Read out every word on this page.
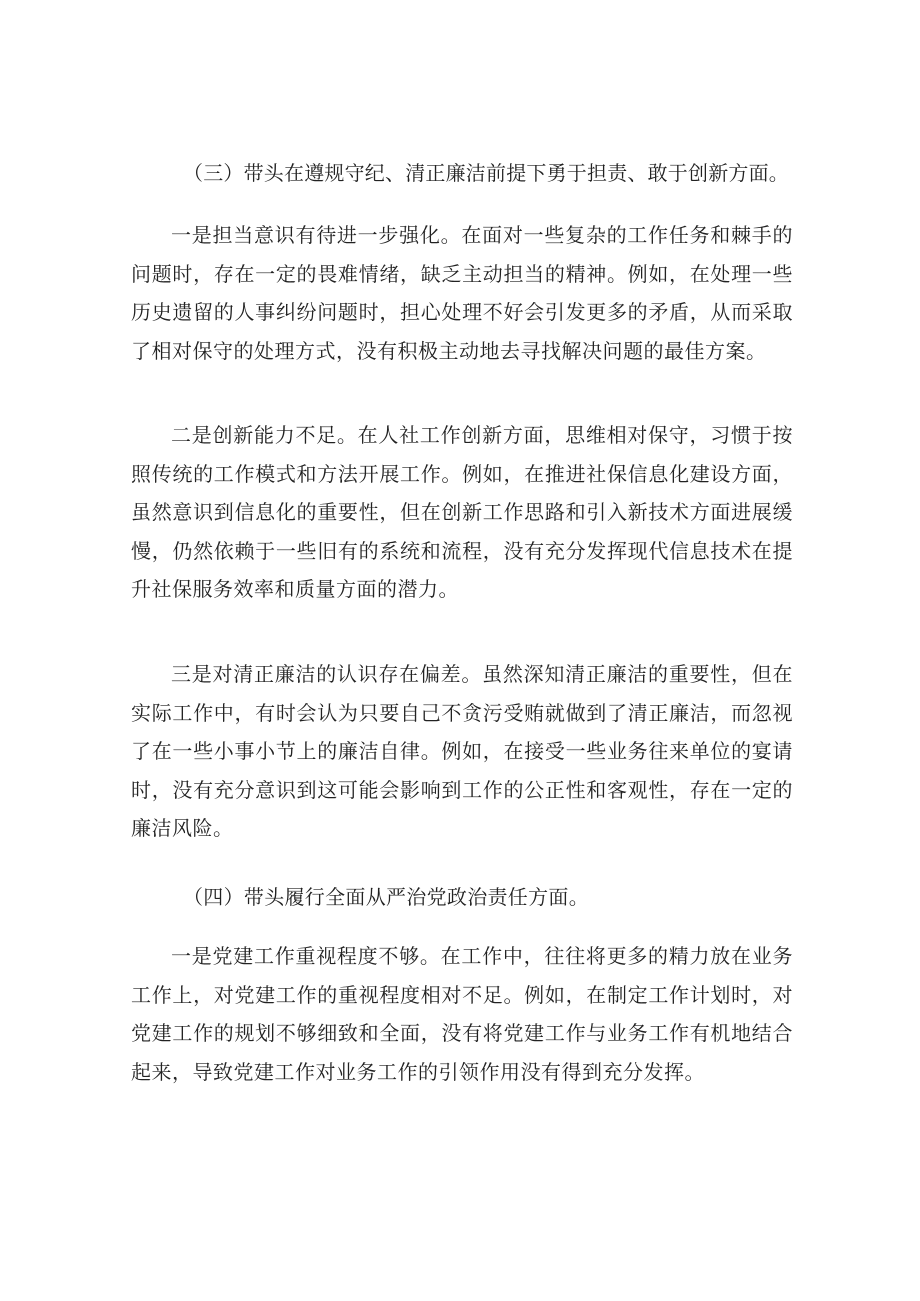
（三）带头在遵规守纪、清正廉洁前提下勇于担责、敢于创新方面。

一是担当意识有待进一步强化。在面对一些复杂的工作任务和棘手的问题时，存在一定的畏难情绪，缺乏主动担当的精神。例如，在处理一些历史遗留的人事纠纷问题时，担心处理不好会引发更多的矛盾，从而采取了相对保守的处理方式，没有积极主动地去寻找解决问题的最佳方案。

二是创新能力不足。在人社工作创新方面，思维相对保守，习惯于按照传统的工作模式和方法开展工作。例如，在推进社保信息化建设方面，虽然意识到信息化的重要性，但在创新工作思路和引入新技术方面进展缓慢，仍然依赖于一些旧有的系统和流程，没有充分发挥现代信息技术在提升社保服务效率和质量方面的潜力。

三是对清正廉洁的认识存在偏差。虽然深知清正廉洁的重要性，但在实际工作中，有时会认为只要自己不贪污受贿就做到了清正廉洁，而忽视了在一些小事小节上的廉洁自律。例如，在接受一些业务往来单位的宴请时，没有充分意识到这可能会影响到工作的公正性和客观性，存在一定的廉洁风险。

（四）带头履行全面从严治党政治责任方面。

一是党建工作重视程度不够。在工作中，往往将更多的精力放在业务工作上，对党建工作的重视程度相对不足。例如，在制定工作计划时，对党建工作的规划不够细致和全面，没有将党建工作与业务工作有机地结合起来，导致党建工作对业务工作的引领作用没有得到充分发挥。
